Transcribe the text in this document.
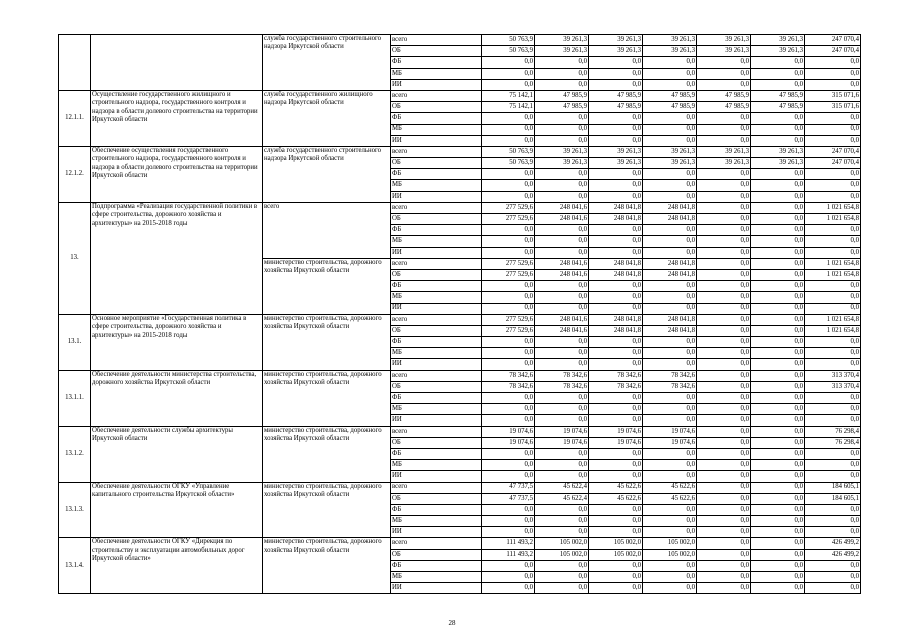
		служба государственного строительного надзора Иркутской области	всего	50 763,9	39 261,3	39 261,3	39 261,3	39 261,3	39 261,3	247 070,4
			ОБ	50 763,9	39 261,3	39 261,3	39 261,3	39 261,3	39 261,3	247 070,4
			ФБ	0,0	0,0	0,0	0,0	0,0	0,0	0,0
			МБ	0,0	0,0	0,0	0,0	0,0	0,0	0,0
			ИИ	0,0	0,0	0,0	0,0	0,0	0,0	0,0
12.1.1.	Осуществление государственного жилищного и строительного надзора, государственного контроля и надзора в области долевого строительства на территории Иркутской области	служба государственного жилищного надзора Иркутской области	всего	75 142,1	47 985,9	47 985,9	47 985,9	47 985,9	47 985,9	315 071,6
			ОБ	75 142,1	47 985,9	47 985,9	47 985,9	47 985,9	47 985,9	315 071,6
			ФБ	0,0	0,0	0,0	0,0	0,0	0,0	0,0
			МБ	0,0	0,0	0,0	0,0	0,0	0,0	0,0
			ИИ	0,0	0,0	0,0	0,0	0,0	0,0	0,0
12.1.2.	Обеспечение осуществления государственного строительного надзора, государственного контроля и надзора в области долевого строительства на территории Иркутской области	служба государственного строительного надзора Иркутской области	всего	50 763,9	39 261,3	39 261,3	39 261,3	39 261,3	39 261,3	247 070,4
			ОБ	50 763,9	39 261,3	39 261,3	39 261,3	39 261,3	39 261,3	247 070,4
			ФБ	0,0	0,0	0,0	0,0	0,0	0,0	0,0
			МБ	0,0	0,0	0,0	0,0	0,0	0,0	0,0
			ИИ	0,0	0,0	0,0	0,0	0,0	0,0	0,0
13.	Подпрограмма «Реализация государственной политики в сфере строительства, дорожного хозяйства и архитектуры» на 2015-2018 годы	всего	всего	277 529,6	248 041,6	248 041,8	248 041,8	0,0	0,0	1 021 654,8
			ОБ	277 529,6	248 041,6	248 041,8	248 041,8	0,0	0,0	1 021 654,8
			ФБ	0,0	0,0	0,0	0,0	0,0	0,0	0,0
			МБ	0,0	0,0	0,0	0,0	0,0	0,0	0,0
			ИИ	0,0	0,0	0,0	0,0	0,0	0,0	0,0
		министерство строительства, дорожного хозяйства Иркутской области	всего	277 529,6	248 041,6	248 041,8	248 041,8	0,0	0,0	1 021 654,8
			ОБ	277 529,6	248 041,6	248 041,8	248 041,8	0,0	0,0	1 021 654,8
			ФБ	0,0	0,0	0,0	0,0	0,0	0,0	0,0
			МБ	0,0	0,0	0,0	0,0	0,0	0,0	0,0
			ИИ	0,0	0,0	0,0	0,0	0,0	0,0	0,0
13.1.	Основное мероприятие «Государственная политика в сфере строительства, дорожного хозяйства и архитектуры» на 2015-2018 годы	министерство строительства, дорожного хозяйства Иркутской области	всего	277 529,6	248 041,6	248 041,8	248 041,8	0,0	0,0	1 021 654,8
			ОБ	277 529,6	248 041,6	248 041,8	248 041,8	0,0	0,0	1 021 654,8
			ФБ	0,0	0,0	0,0	0,0	0,0	0,0	0,0
			МБ	0,0	0,0	0,0	0,0	0,0	0,0	0,0
			ИИ	0,0	0,0	0,0	0,0	0,0	0,0	0,0
13.1.1.	Обеспечение деятельности министерства строительства, дорожного хозяйства Иркутской области	министерство строительства, дорожного хозяйства Иркутской области	всего	78 342,6	78 342,6	78 342,6	78 342,6	0,0	0,0	313 370,4
			ОБ	78 342,6	78 342,6	78 342,6	78 342,6	0,0	0,0	313 370,4
			ФБ	0,0	0,0	0,0	0,0	0,0	0,0	0,0
			МБ	0,0	0,0	0,0	0,0	0,0	0,0	0,0
			ИИ	0,0	0,0	0,0	0,0	0,0	0,0	0,0
13.1.2.	Обеспечение деятельности службы архитектуры Иркутской области	министерство строительства, дорожного хозяйства Иркутской области	всего	19 074,6	19 074,6	19 074,6	19 074,6	0,0	0,0	76 298,4
			ОБ	19 074,6	19 074,6	19 074,6	19 074,6	0,0	0,0	76 298,4
			ФБ	0,0	0,0	0,0	0,0	0,0	0,0	0,0
			МБ	0,0	0,0	0,0	0,0	0,0	0,0	0,0
			ИИ	0,0	0,0	0,0	0,0	0,0	0,0	0,0
13.1.3.	Обеспечение деятельности ОГКУ «Управление капитального строительства Иркутской области»	министерство строительства, дорожного хозяйства Иркутской области	всего	47 737,5	45 622,4	45 622,6	45 622,6	0,0	0,0	184 605,1
			ОБ	47 737,5	45 622,4	45 622,6	45 622,6	0,0	0,0	184 605,1
			ФБ	0,0	0,0	0,0	0,0	0,0	0,0	0,0
			МБ	0,0	0,0	0,0	0,0	0,0	0,0	0,0
			ИИ	0,0	0,0	0,0	0,0	0,0	0,0	0,0
13.1.4.	Обеспечение деятельности ОГКУ «Дирекция по строительству и эксплуатации автомобильных дорог Иркутской области»	министерство строительства, дорожного хозяйства Иркутской области	всего	111 493,2	105 002,0	105 002,0	105 002,0	0,0	0,0	426 499,2
			ОБ	111 493,2	105 002,0	105 002,0	105 002,0	0,0	0,0	426 499,2
			ФБ	0,0	0,0	0,0	0,0	0,0	0,0	0,0
			МБ	0,0	0,0	0,0	0,0	0,0	0,0	0,0
			ИИ	0,0	0,0	0,0	0,0	0,0	0,0	0,0
28
